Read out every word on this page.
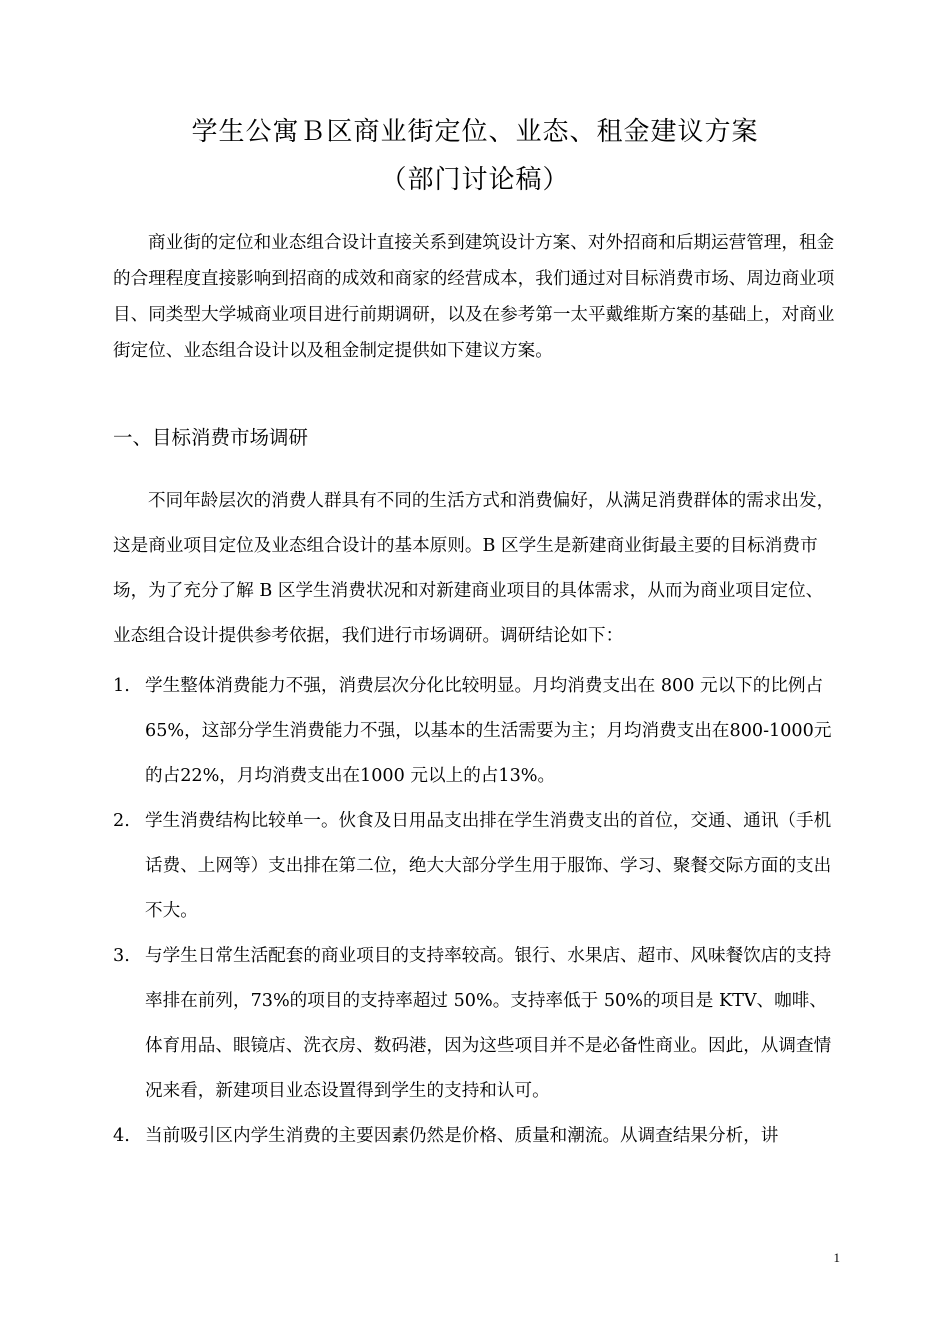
学生公寓Ｂ区商业街定位、业态、租金建议方案
（部门讨论稿）

商业街的定位和业态组合设计直接关系到建筑设计方案、对外招商和后期运营管理，租金的合理程度直接影响到招商的成效和商家的经营成本，我们通过对目标消费市场、周边商业项目、同类型大学城商业项目进行前期调研，以及在参考第一太平戴维斯方案的基础上，对商业街定位、业态组合设计以及租金制定提供如下建议方案。

一、目标消费市场调研

不同年龄层次的消费人群具有不同的生活方式和消费偏好，从满足消费群体的需求出发，这是商业项目定位及业态组合设计的基本原则。B 区学生是新建商业街最主要的目标消费市场，为了充分了解 B 区学生消费状况和对新建商业项目的具体需求，从而为商业项目定位、业态组合设计提供参考依据，我们进行市场调研。调研结论如下：

1. 学生整体消费能力不强，消费层次分化比较明显。月均消费支出在 800 元以下的比例占 65%，这部分学生消费能力不强，以基本的生活需要为主；月均消费支出在800-1000元的占22%，月均消费支出在1000 元以上的占13%。
2. 学生消费结构比较单一。伙食及日用品支出排在学生消费支出的首位，交通、通讯（手机话费、上网等）支出排在第二位，绝大大部分学生用于服饰、学习、聚餐交际方面的支出不大。
3. 与学生日常生活配套的商业项目的支持率较高。银行、水果店、超市、风味餐饮店的支持率排在前列，73%的项目的支持率超过 50%。支持率低于 50%的项目是 KTV、咖啡、体育用品、眼镜店、洗衣房、数码港，因为这些项目并不是必备性商业。因此，从调查情况来看，新建项目业态设置得到学生的支持和认可。
4. 当前吸引区内学生消费的主要因素仍然是价格、质量和潮流。从调查结果分析，讲
1
